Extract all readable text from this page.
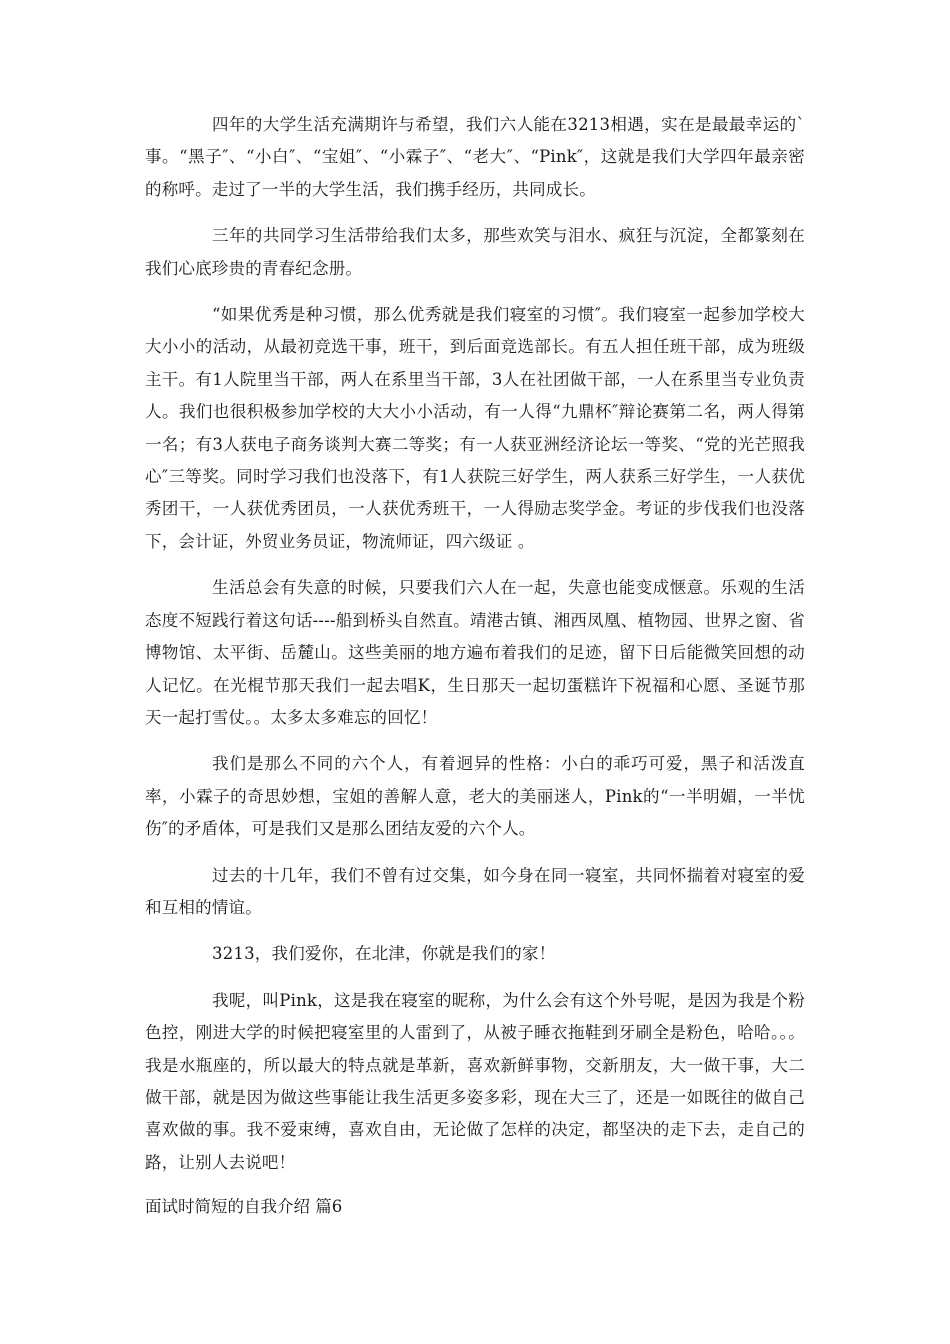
四年的大学生活充满期许与希望，我们六人能在3213相遇，实在是最最幸运的`事。“黑子″、“小白″、“宝姐″、“小霖子″、“老大″、“Pink″，这就是我们大学四年最亲密的称呼。走过了一半的大学生活，我们携手经历，共同成长。

三年的共同学习生活带给我们太多，那些欢笑与泪水、疯狂与沉淀，全都篆刻在我们心底珍贵的青春纪念册。

“如果优秀是种习惯，那么优秀就是我们寝室的习惯″。我们寝室一起参加学校大大小小的活动，从最初竞选干事，班干，到后面竞选部长。有五人担任班干部，成为班级主干。有1人院里当干部，两人在系里当干部，3人在社团做干部，一人在系里当专业负责人。我们也很积极参加学校的大大小小活动，有一人得“九鼎杯″辩论赛第二名，两人得第一名；有3人获电子商务谈判大赛二等奖；有一人获亚洲经济论坛一等奖、“党的光芒照我心″三等奖。同时学习我们也没落下，有1人获院三好学生，两人获系三好学生，一人获优秀团干，一人获优秀团员，一人获优秀班干，一人得励志奖学金。考证的步伐我们也没落下，会计证，外贸业务员证，物流师证，四六级证 。

生活总会有失意的时候，只要我们六人在一起，失意也能变成惬意。乐观的生活态度不短践行着这句话----船到桥头自然直。靖港古镇、湘西凤凰、植物园、世界之窗、省博物馆、太平街、岳麓山。这些美丽的地方遍布着我们的足迹，留下日后能微笑回想的动人记忆。在光棍节那天我们一起去唱K，生日那天一起切蛋糕许下祝福和心愿、圣诞节那天一起打雪仗。。太多太多难忘的回忆！

我们是那么不同的六个人，有着迥异的性格：小白的乖巧可爱，黑子和活泼直率，小霖子的奇思妙想，宝姐的善解人意，老大的美丽迷人，Pink的“一半明媚，一半忧伤″的矛盾体，可是我们又是那么团结友爱的六个人。

过去的十几年，我们不曾有过交集，如今身在同一寝室，共同怀揣着对寝室的爱和互相的情谊。

3213，我们爱你，在北津，你就是我们的家！

我呢，叫Pink，这是我在寝室的昵称，为什么会有这个外号呢，是因为我是个粉色控，刚进大学的时候把寝室里的人雷到了，从被子睡衣拖鞋到牙刷全是粉色，哈哈。。。我是水瓶座的，所以最大的特点就是革新，喜欢新鲜事物，交新朋友，大一做干事，大二做干部，就是因为做这些事能让我生活更多姿多彩，现在大三了，还是一如既往的做自己喜欢做的事。我不爱束缚，喜欢自由，无论做了怎样的决定，都坚决的走下去，走自己的路，让别人去说吧！

面试时简短的自我介绍 篇6
